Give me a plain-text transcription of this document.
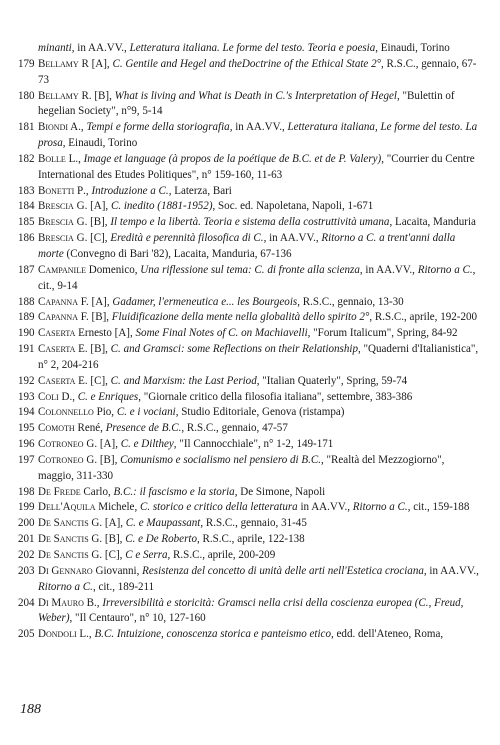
minanti, in AA.VV., Letteratura italiana. Le forme del testo. Teoria e poesia, Einaudi, Torino
179 Bellamy R [A], C. Gentile and Hegel and theDoctrine of the Ethical State 2°, R.S.C., gennaio, 67-73
180 Bellamy R. [B], What is living and What is Death in C.'s Interpretation of Hegel, "Bulettin of hegelian Society", n°9, 5-14
181 Biondi A., Tempi e forme della storiografia, in AA.VV., Letteratura italiana, Le forme del testo. La prosa, Einaudi, Torino
182 Bolle L., Image et language (à propos de la poétique de B.C. et de P. Valery), "Courrier du Centre International des Etudes Politiques", n° 159-160, 11-63
183 Bonetti P., Introduzione a C., Laterza, Bari
184 Brescia G. [A], C. inedito (1881-1952), Soc. ed. Napoletana, Napoli, 1-671
185 Brescia G. [B], Il tempo e la libertà. Teoria e sistema della costruttività umana, Lacaita, Manduria
186 Brescia G. [C], Eredità e perennità filosofica di C., in AA.VV., Ritorno a C. a trent'anni dalla morte (Convegno di Bari '82), Lacaita, Manduria, 67-136
187 Campanile Domenico, Una riflessione sul tema: C. di fronte alla scienza, in AA.VV., Ritorno a C., cit., 9-14
188 Capanna F. [A], Gadamer, l'ermeneutica e... les Bourgeois, R.S.C., gennaio, 13-30
189 Capanna F. [B], Fluidificazione della mente nella globalità dello spirito 2°, R.S.C., aprile, 192-200
190 Caserta Ernesto [A], Some Final Notes of C. on Machiavelli, "Forum Italicum", Spring, 84-92
191 Caserta E. [B], C. and Gramsci: some Reflections on their Relationship, "Quaderni d'Italianistica", n° 2, 204-216
192 Caserta E. [C], C. and Marxism: the Last Period, "Italian Quaterly", Spring, 59-74
193 Coli D., C. e Enriques, "Giornale critico della filosofia italiana", settembre, 383-386
194 Colonnello Pio, C. e i vociani, Studio Editoriale, Genova (ristampa)
195 Comoth René, Presence de B.C., R.S.C., gennaio, 47-57
196 Cotroneo G. [A], C. e Dilthey, "Il Cannocchiale", n° 1-2, 149-171
197 Cotroneo G. [B], Comunismo e socialismo nel pensiero di B.C., "Realtà del Mezzogiorno", maggio, 311-330
198 De Frede Carlo, B.C.: il fascismo e la storia, De Simone, Napoli
199 Dell'Aquila Michele, C. storico e critico della letteratura in AA.VV., Ritorno a C., cit., 159-188
200 De Sanctis G. [A], C. e Maupassant, R.S.C., gennaio, 31-45
201 De Sanctis G. [B], C. e De Roberto, R.S.C., aprile, 122-138
202 De Sanctis G. [C], C e Serra, R.S.C., aprile, 200-209
203 Di Gennaro Giovanni, Resistenza del concetto di unità delle arti nell'Estetica crociana, in AA.VV., Ritorno a C., cit., 189-211
204 Di Mauro B., Irreversibilità e storicità: Gramsci nella crisi della coscienza europea (C., Freud, Weber), "Il Centauro", n° 10, 127-160
205 Dondoli L., B.C. Intuizione, conoscenza storica e panteismo etico, edd. dell'Ateneo, Roma,
188
